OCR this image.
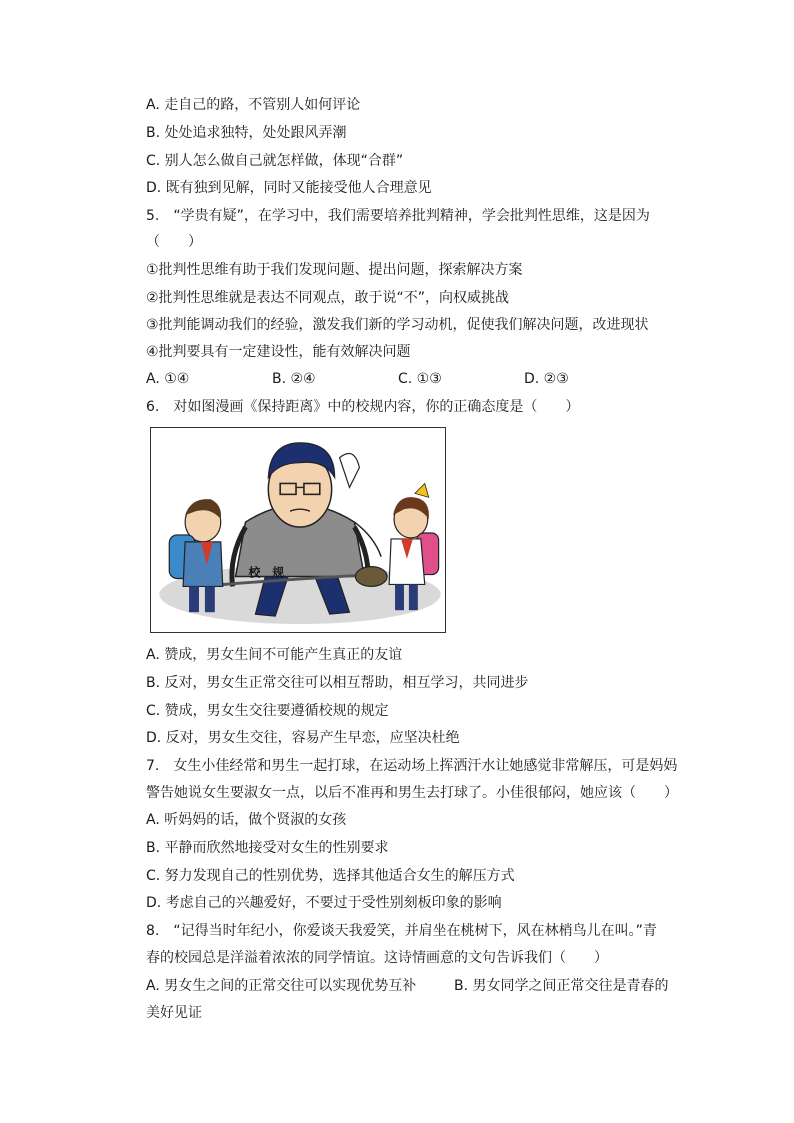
A. 走自己的路，不管别人如何评论
B. 处处追求独特，处处跟风弄潮
C. 别人怎么做自己就怎样做，体现“合群”
D. 既有独到见解，同时又能接受他人合理意见
5.　“学贵有疑”，在学习中，我们需要培养批判精神，学会批判性思维，这是因为
（　　）
①批判性思维有助于我们发现问题、提出问题，探索解决方案
②批判性思维就是表达不同观点，敢于说“不”，向权威挑战
③批判能调动我们的经验，激发我们新的学习动机，促使我们解决问题，改进现状
④批判要具有一定建设性，能有效解决问题
A. ①④	B. ②④	C. ①③	D. ②③
6.　对如图漫画《保持距离》中的校规内容，你的正确态度是（　　）
校　规
A. 赞成，男女生间不可能产生真正的友谊
B. 反对，男女生正常交往可以相互帮助，相互学习，共同进步
C. 赞成，男女生交往要遵循校规的规定
D. 反对，男女生交往，容易产生早恋，应坚决杜绝
7.　女生小佳经常和男生一起打球，在运动场上挥洒汗水让她感觉非常解压，可是妈妈
警告她说女生要淑女一点，以后不准再和男生去打球了。小佳很郁闷，她应该（　　）
A. 听妈妈的话，做个贤淑的女孩
B. 平静而欣然地接受对女生的性别要求
C. 努力发现自己的性别优势，选择其他适合女生的解压方式
D. 考虑自己的兴趣爱好，不要过于受性别刻板印象的影响
8.　“记得当时年纪小，你爱谈天我爱笑，并肩坐在桃树下，风在林梢鸟儿在叫。”青
春的校园总是洋溢着浓浓的同学情谊。这诗情画意的文句告诉我们（　　）
A. 男女生之间的正常交往可以实现优势互补	B. 男女同学之间正常交往是青春的
美好见证
